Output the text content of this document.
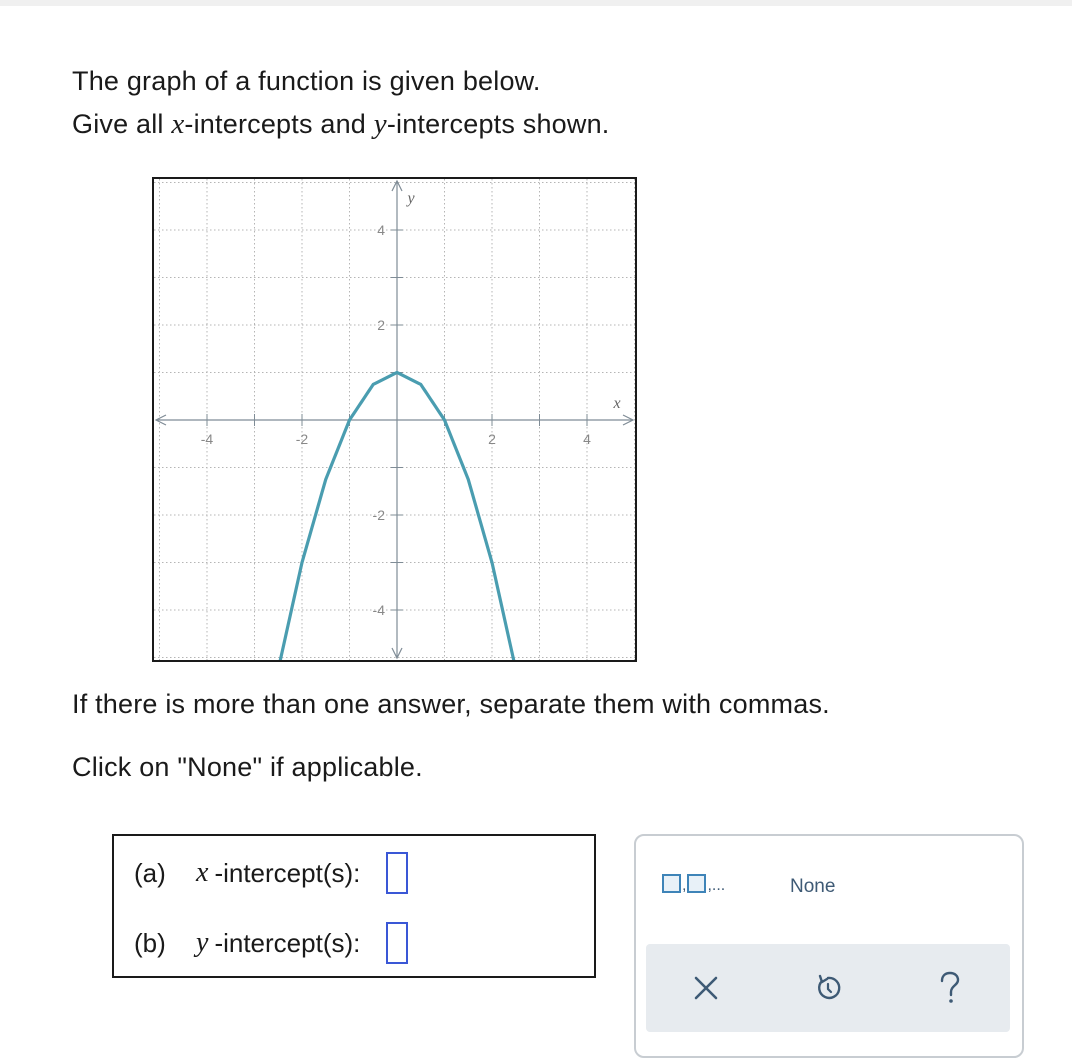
The graph of a function is given below.
Give all x-intercepts and y-intercepts shown.
-4	-2	2	4
4
2
-2
-4
x
y
If there is more than one answer, separate them with commas.
Click on "None" if applicable.
(a)	x -intercept(s):
(b)	y -intercept(s):
, ,...	None
